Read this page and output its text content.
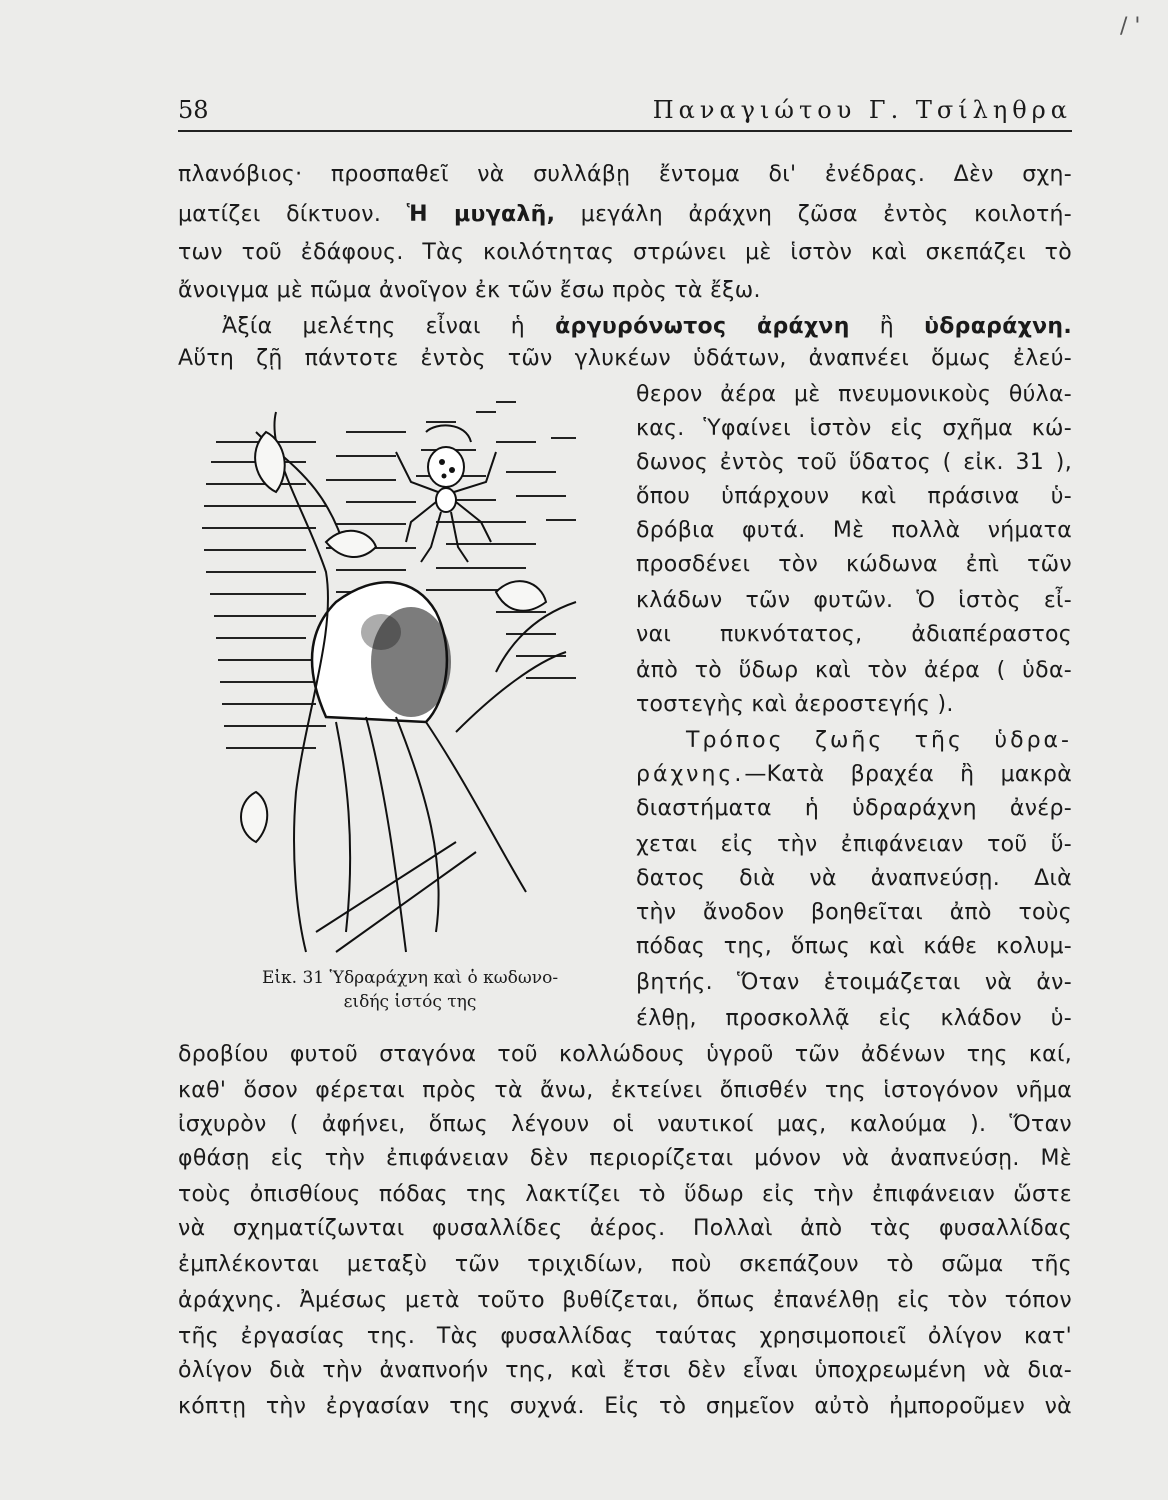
/ '
58	Παναγιώτου Γ. Τσίληθρα
πλανόβιος· προσπαθεῖ νὰ συλλάβῃ ἔντομα δι' ἐνέδρας. Δὲν σχη-
ματίζει δίκτυον. Ἡ μυγαλῆ, μεγάλη ἀράχνη ζῶσα ἐντὸς κοιλοτή-
των τοῦ ἐδάφους. Τὰς κοιλότητας στρώνει μὲ ἱστὸν καὶ σκεπάζει τὸ
ἄνοιγμα μὲ πῶμα ἀνοῖγον ἐκ τῶν ἔσω πρὸς τὰ ἔξω.
Ἀξία μελέτης εἶναι ἡ ἀργυρόνωτος ἀράχνη ἢ ὑδραράχνη.
Αὕτη ζῇ πάντοτε ἐντὸς τῶν γλυκέων ὑδάτων, ἀναπνέει ὅμως ἐλεύ-
θερον ἀέρα μὲ πνευμονικοὺς θύλα-
κας. Ὑφαίνει ἱστὸν εἰς σχῆμα κώ-
δωνος ἐντὸς τοῦ ὕδατος ( εἰκ. 31 ),
ὅπου ὑπάρχουν καὶ πράσινα ὑ-
δρόβια φυτά. Μὲ πολλὰ νήματα
προσδένει τὸν κώδωνα ἐπὶ τῶν
κλάδων τῶν φυτῶν. Ὁ ἱστὸς εἶ-
ναι πυκνότατος, ἀδιαπέραστος
ἀπὸ τὸ ὕδωρ καὶ τὸν ἀέρα ( ὑδα-
τοστεγὴς καὶ ἀεροστεγής ).
Τρόπος ζωῆς τῆς ὑδρα-
ράχνης.—Κατὰ βραχέα ἢ μακρὰ
διαστήματα ἡ ὑδραράχνη ἀνέρ-
χεται εἰς τὴν ἐπιφάνειαν τοῦ ὕ-
δατος διὰ νὰ ἀναπνεύσῃ. Διὰ
τὴν ἄνοδον βοηθεῖται ἀπὸ τοὺς
πόδας της, ὅπως καὶ κάθε κολυμ-
βητής. Ὅταν ἑτοιμάζεται νὰ ἀν-
έλθῃ, προσκολλᾷ εἰς κλάδον ὑ-
δροβίου φυτοῦ σταγόνα τοῦ κολλώδους ὑγροῦ τῶν ἀδένων της καί,
καθ' ὅσον φέρεται πρὸς τὰ ἄνω, ἐκτείνει ὄπισθέν της ἱστογόνον νῆμα
ἰσχυρὸν ( ἀφήνει, ὅπως λέγουν οἱ ναυτικοί μας, καλούμα ). Ὅταν
φθάσῃ εἰς τὴν ἐπιφάνειαν δὲν περιορίζεται μόνον νὰ ἀναπνεύσῃ. Μὲ
τοὺς ὀπισθίους πόδας της λακτίζει τὸ ὕδωρ εἰς τὴν ἐπιφάνειαν ὥστε
νὰ σχηματίζωνται φυσαλλίδες ἀέρος. Πολλαὶ ἀπὸ τὰς φυσαλλίδας
ἐμπλέκονται μεταξὺ τῶν τριχιδίων, ποὺ σκεπάζουν τὸ σῶμα τῆς
ἀράχνης. Ἀμέσως μετὰ τοῦτο βυθίζεται, ὅπως ἐπανέλθῃ εἰς τὸν τόπον
τῆς ἐργασίας της. Τὰς φυσαλλίδας ταύτας χρησιμοποιεῖ ὀλίγον κατ'
ὀλίγον διὰ τὴν ἀναπνοήν της, καὶ ἔτσι δὲν εἶναι ὑποχρεωμένη νὰ δια-
κόπτῃ τὴν ἐργασίαν της συχνά. Εἰς τὸ σημεῖον αὐτὸ ἠμποροῦμεν νὰ
Εἰκ. 31 Ὑδραράχνη καὶ ὁ κωδωνο-
ειδής ἱστός της
